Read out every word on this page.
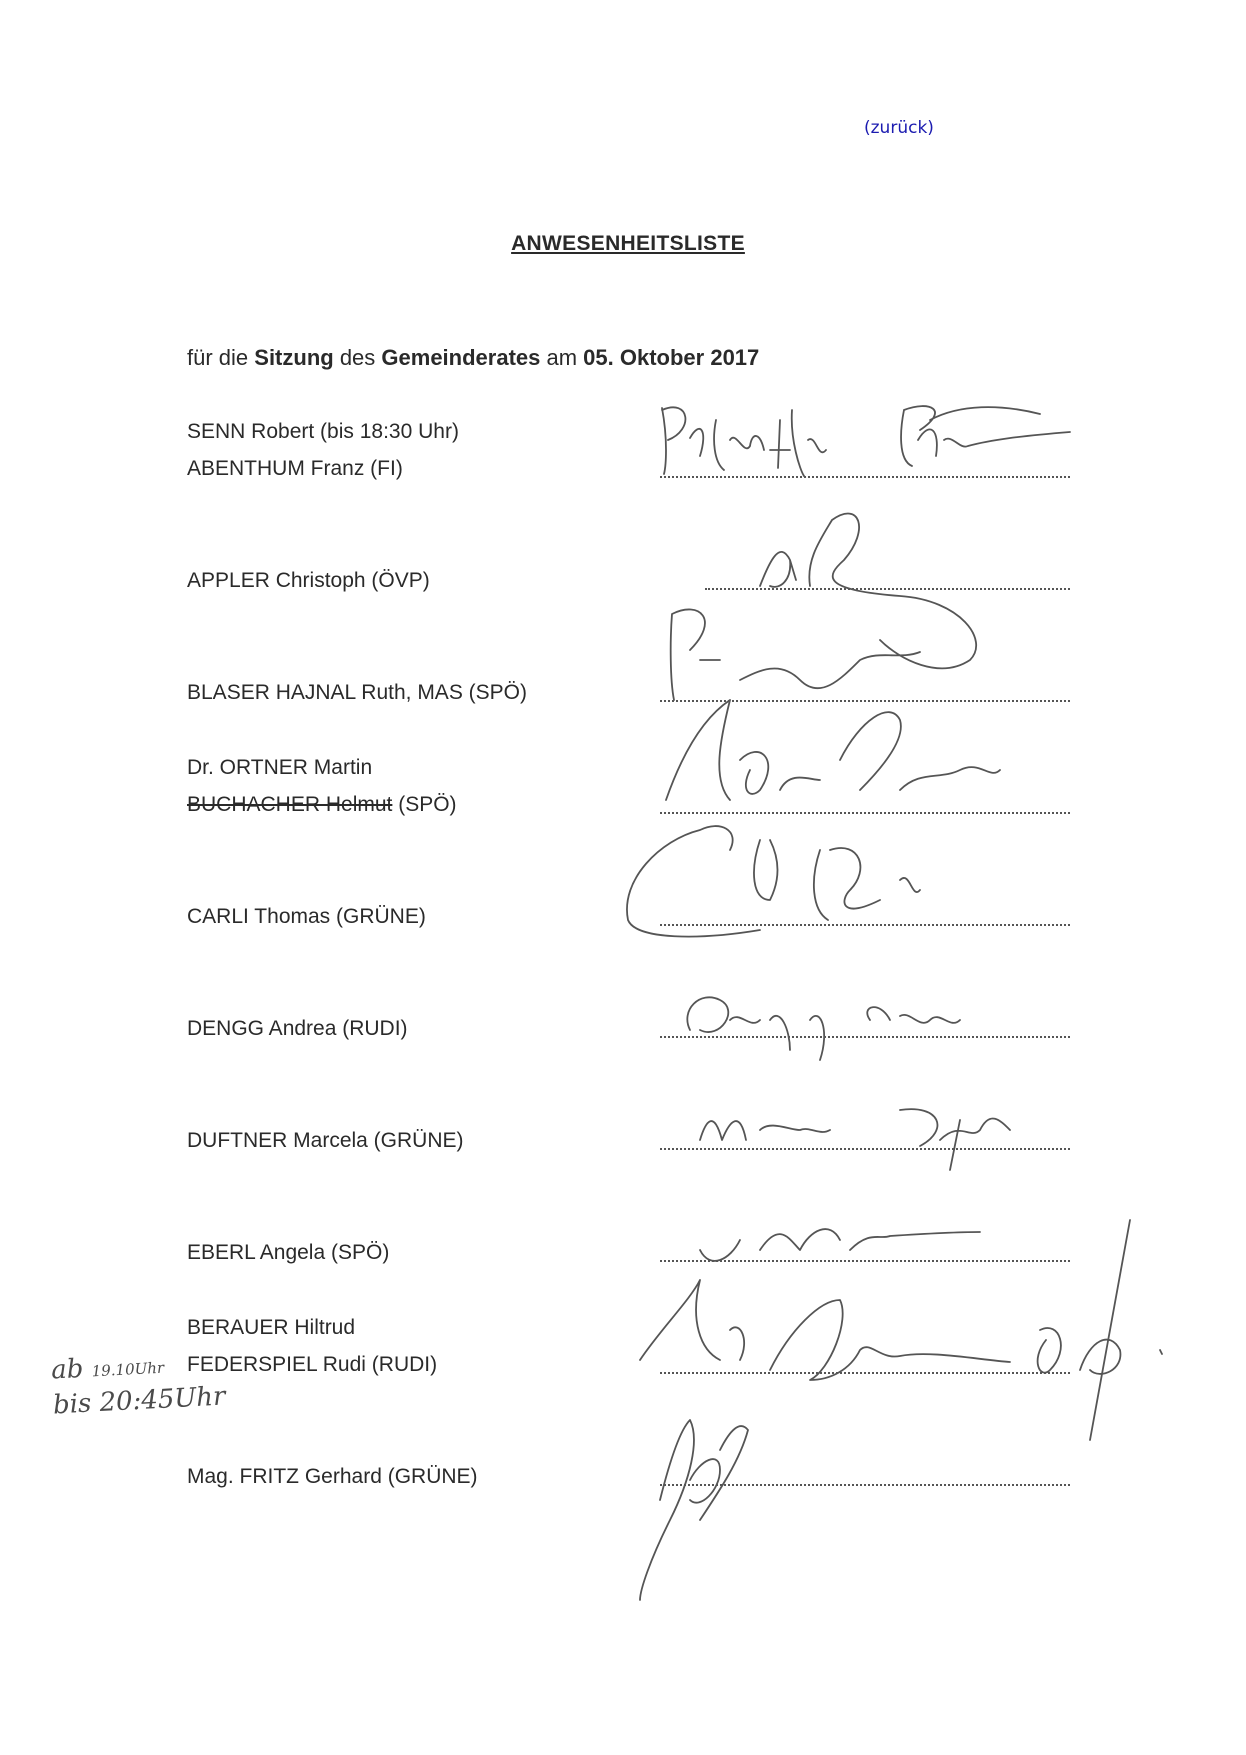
(zurück)
ANWESENHEITSLISTE
für die Sitzung des Gemeinderates am 05. Oktober 2017
SENN Robert (bis 18:30 Uhr)
ABENTHUM Franz (FI)
APPLER Christoph (ÖVP)
BLASER HAJNAL Ruth, MAS (SPÖ)
Dr. ORTNER Martin
BUCHACHER Helmut (SPÖ)
CARLI Thomas (GRÜNE)
DENGG Andrea (RUDI)
DUFTNER Marcela (GRÜNE)
EBERL Angela (SPÖ)
BERAUER Hiltrud
FEDERSPIEL Rudi (RUDI)
Mag. FRITZ Gerhard (GRÜNE)
ab 19.10Uhr
bis 20:45Uhr
